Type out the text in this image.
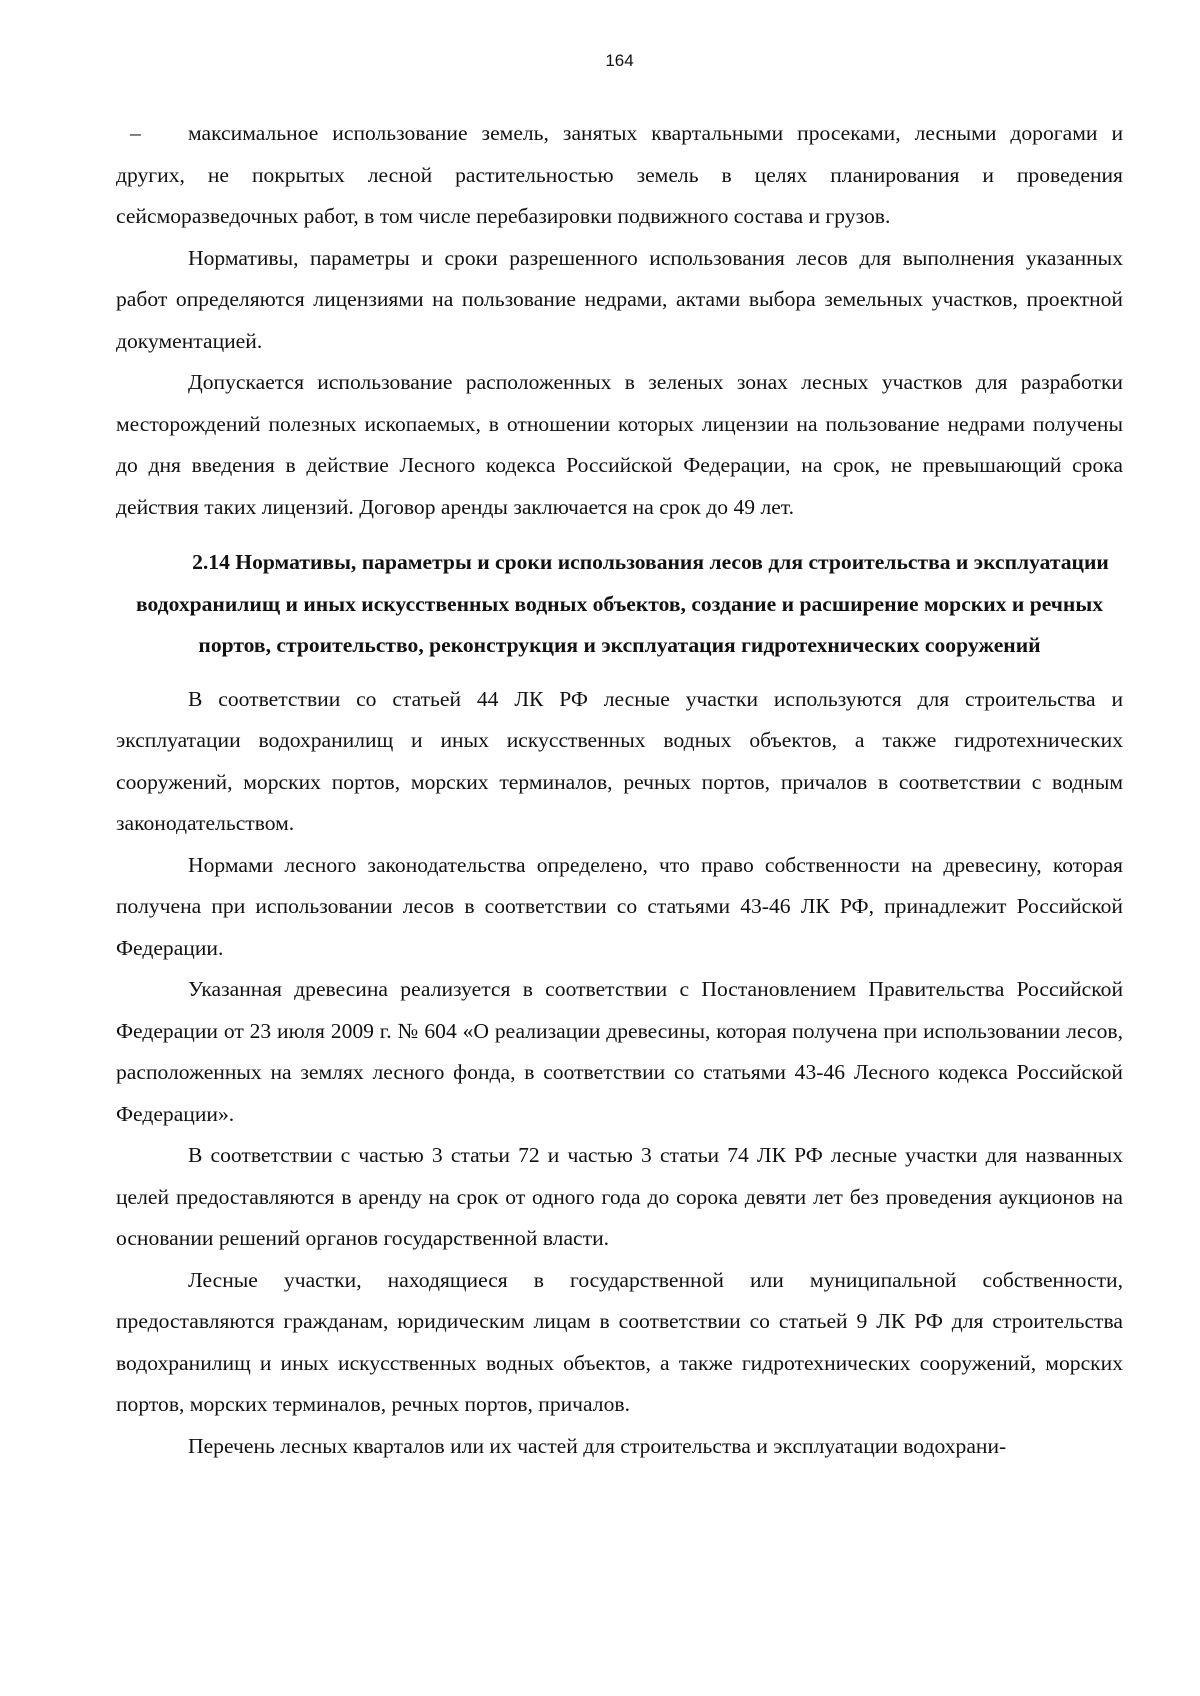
164

– максимальное использование земель, занятых квартальными просеками, лесными дорогами и других, не покрытых лесной растительностью земель в целях планирования и проведения сейсморазведочных работ, в том числе перебазировки подвижного состава и грузов.

Нормативы, параметры и сроки разрешенного использования лесов для выполнения указанных работ определяются лицензиями на пользование недрами, актами выбора земельных участков, проектной документацией.

Допускается использование расположенных в зеленых зонах лесных участков для разработки месторождений полезных ископаемых, в отношении которых лицензии на пользование недрами получены до дня введения в действие Лесного кодекса Российской Федерации, на срок, не превышающий срока действия таких лицензий. Договор аренды заключается на срок до 49 лет.

2.14 Нормативы, параметры и сроки использования лесов для строительства и эксплуатации водохранилищ и иных искусственных водных объектов, создание и расширение морских и речных портов, строительство, реконструкция и эксплуатация гидротехнических сооружений

В соответствии со статьей 44 ЛК РФ лесные участки используются для строительства и эксплуатации водохранилищ и иных искусственных водных объектов, а также гидротехнических сооружений, морских портов, морских терминалов, речных портов, причалов в соответствии с водным законодательством.

Нормами лесного законодательства определено, что право собственности на древесину, которая получена при использовании лесов в соответствии со статьями 43-46 ЛК РФ, принадлежит Российской Федерации.

Указанная древесина реализуется в соответствии с Постановлением Правительства Российской Федерации от 23 июля 2009 г. № 604 «О реализации древесины, которая получена при использовании лесов, расположенных на землях лесного фонда, в соответствии со статьями 43-46 Лесного кодекса Российской Федерации».

В соответствии с частью 3 статьи 72 и частью 3 статьи 74 ЛК РФ лесные участки для названных целей предоставляются в аренду на срок от одного года до сорока девяти лет без проведения аукционов на основании решений органов государственной власти.

Лесные участки, находящиеся в государственной или муниципальной собственности, предоставляются гражданам, юридическим лицам в соответствии со статьей 9 ЛК РФ для строительства водохранилищ и иных искусственных водных объектов, а также гидротехнических сооружений, морских портов, морских терминалов, речных портов, причалов.

Перечень лесных кварталов или их частей для строительства и эксплуатации водохрани-
